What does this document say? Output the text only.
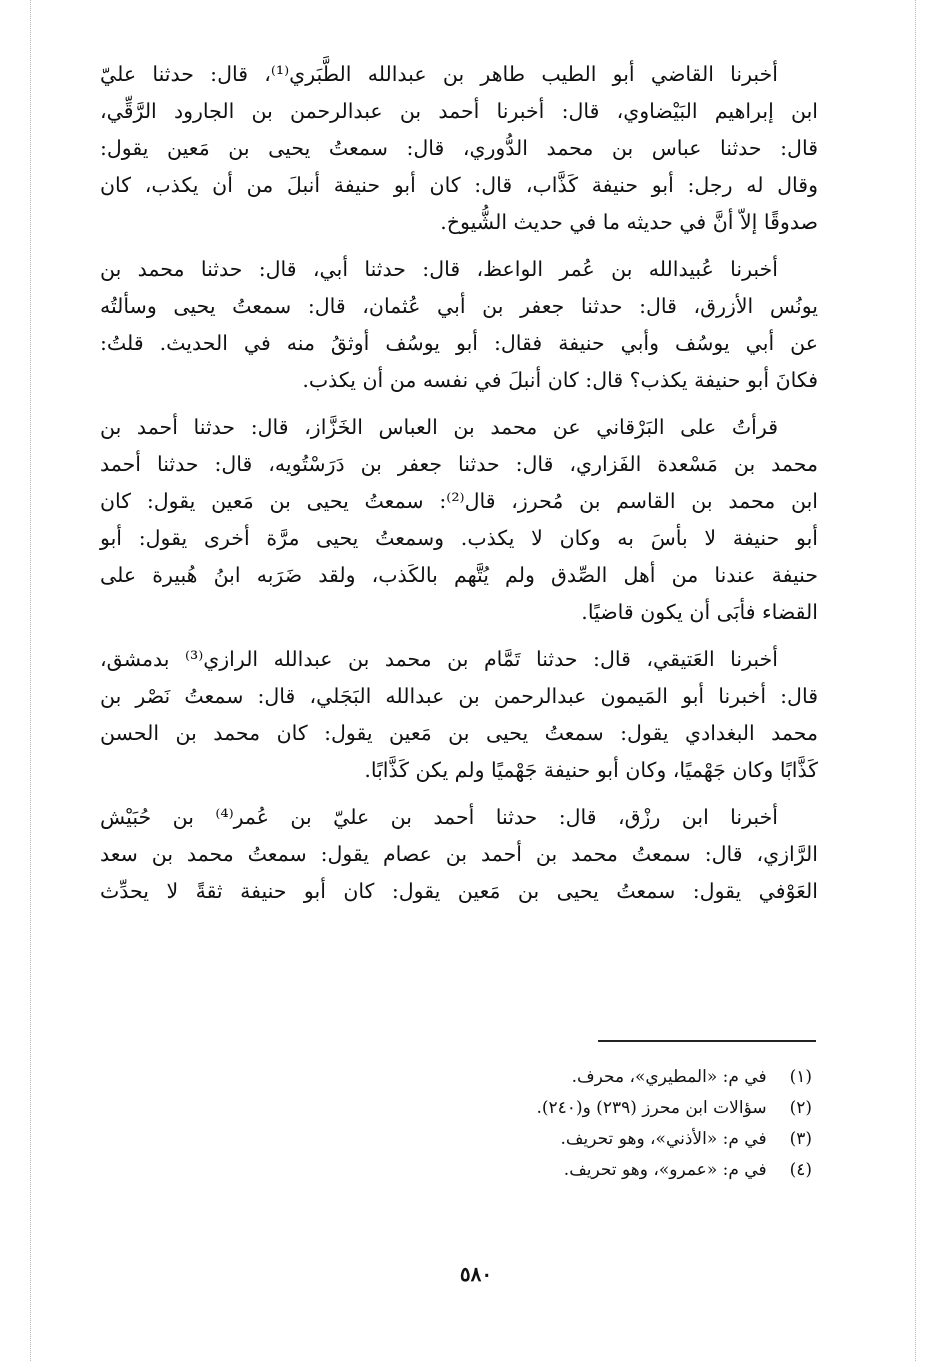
أخبرنا القاضي أبو الطيب طاهر بن عبدالله الطَّبَري⁽¹⁾، قال: حدثنا عليّ
ابن إبراهيم البَيْضاوي، قال: أخبرنا أحمد بن عبدالرحمن بن الجارود الرَّقِّي،
قال: حدثنا عباس بن محمد الدُّوري، قال: سمعتُ يحيى بن مَعين يقول:
وقال له رجل: أبو حنيفة كَذَّاب، قال: كان أبو حنيفة أنبلَ من أن يكذب، كان
صدوقًا إلاّ أنَّ في حديثه ما في حديث الشُّيوخ.
أخبرنا عُبيدالله بن عُمر الواعظ، قال: حدثنا أبي، قال: حدثنا محمد بن
يونُس الأزرق، قال: حدثنا جعفر بن أبي عُثمان، قال: سمعتُ يحيى وسألتُه
عن أبي يوسُف وأبي حنيفة فقال: أبو يوسُف أوثقُ منه في الحديث. قلتُ:
فكانَ أبو حنيفة يكذب؟ قال: كان أنبلَ في نفسه من أن يكذب.
قرأتُ على البَرْقاني عن محمد بن العباس الخَزَّاز، قال: حدثنا أحمد بن
محمد بن مَسْعدة الفَزاري، قال: حدثنا جعفر بن دَرَسْتُويه، قال: حدثنا أحمد
ابن محمد بن القاسم بن مُحرز، قال⁽²⁾: سمعتُ يحيى بن مَعين يقول: كان
أبو حنيفة لا بأسَ به وكان لا يكذب. وسمعتُ يحيى مرَّة أخرى يقول: أبو
حنيفة عندنا من أهل الصِّدق ولم يُتَّهم بالكَذب، ولقد ضَرَبه ابنُ هُبيرة على
القضاء فأبَى أن يكون قاضيًا.
أخبرنا العَتيقي، قال: حدثنا تَمَّام بن محمد بن عبدالله الرازي⁽³⁾ بدمشق،
قال: أخبرنا أبو المَيمون عبدالرحمن بن عبدالله البَجَلي، قال: سمعتُ نَصْر بن
محمد البغدادي يقول: سمعتُ يحيى بن مَعين يقول: كان محمد بن الحسن
كَذَّابًا وكان جَهْميًا، وكان أبو حنيفة جَهْميًا ولم يكن كَذَّابًا.
أخبرنا ابن رزْق، قال: حدثنا أحمد بن عليّ بن عُمر⁽⁴⁾ بن حُبَيْش
الرَّازي، قال: سمعتُ محمد بن أحمد بن عصام يقول: سمعتُ محمد بن سعد
العَوْفي يقول: سمعتُ يحيى بن مَعين يقول: كان أبو حنيفة ثقةً لا يحدِّث
(١) في م: «المطيري»، محرف.
(٢) سؤالات ابن محرز (٢٣٩) و(٢٤٠).
(٣) في م: «الأذني»، وهو تحريف.
(٤) في م: «عمرو»، وهو تحريف.
٥٨٠
